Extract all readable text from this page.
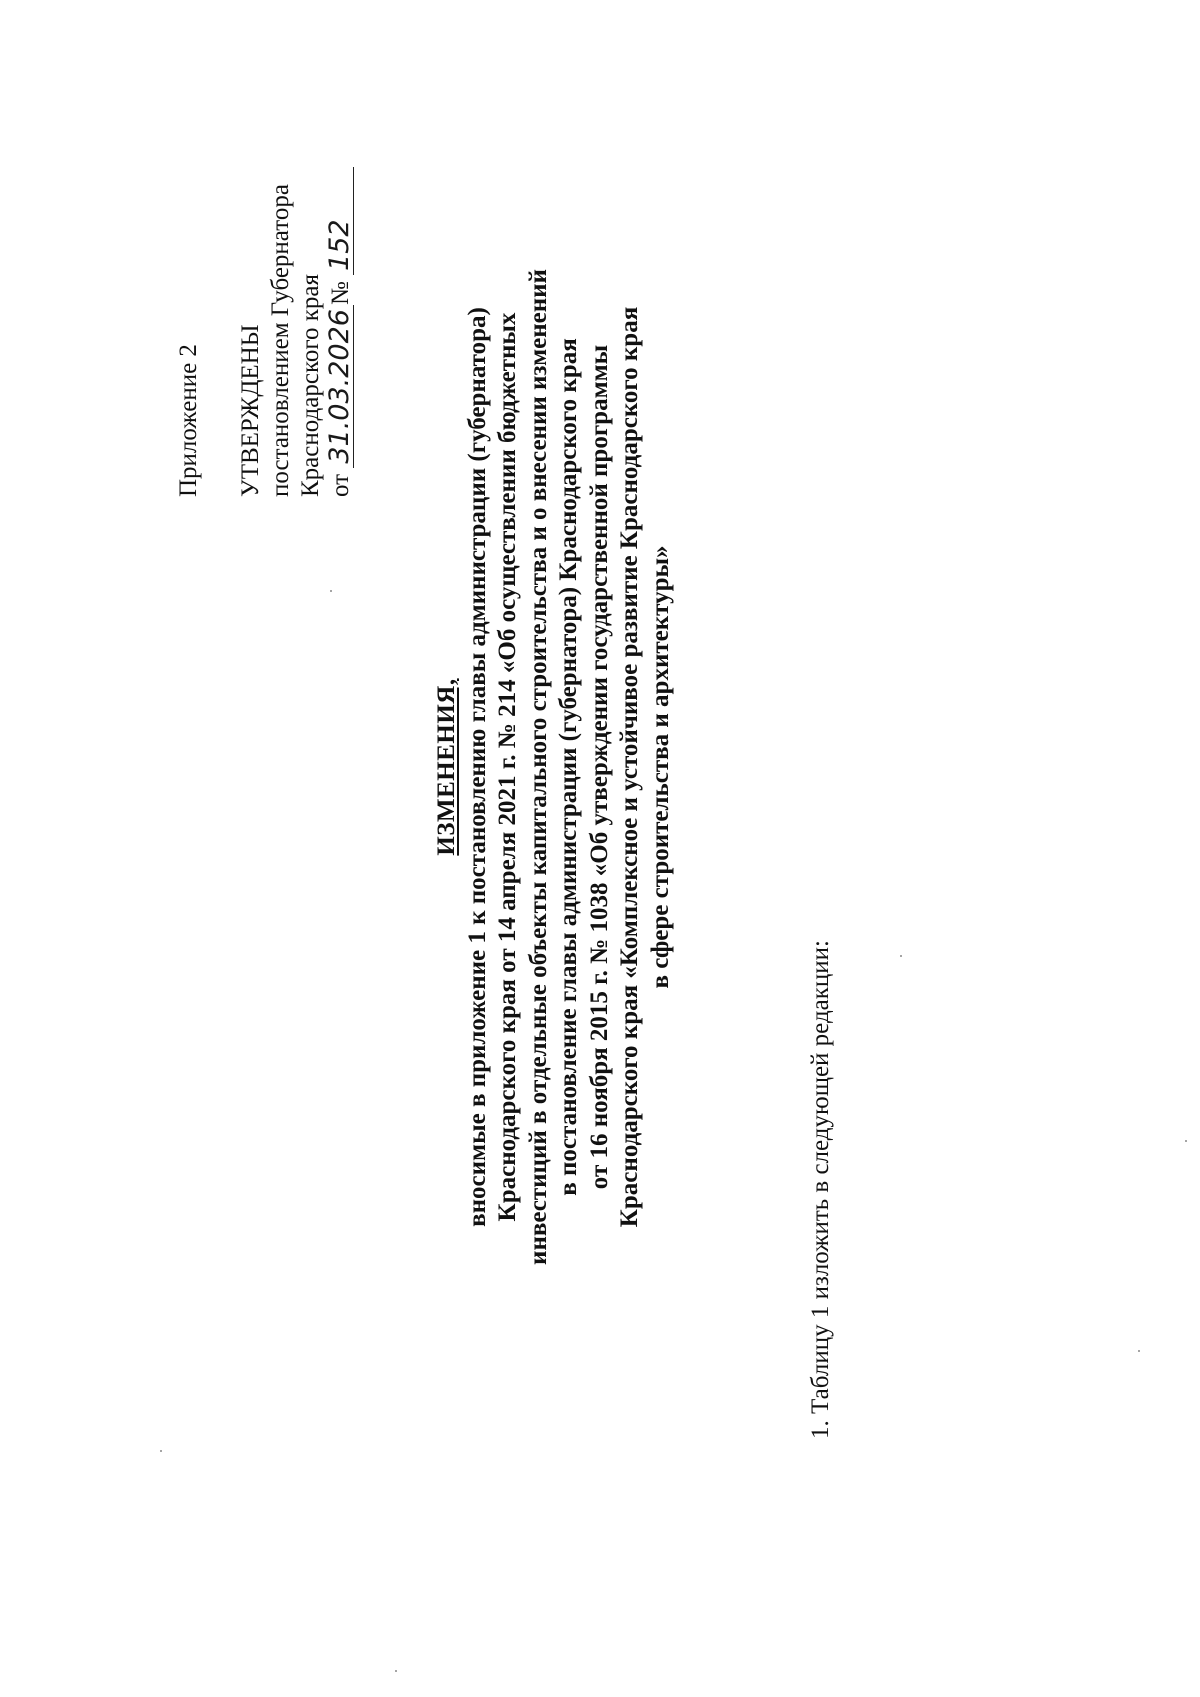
Приложение 2 УТВЕРЖДЕНЫ постановлением Губернатора Краснодарского края от 31.03.2026№ 152
ИЗМЕНЕНИЯ, вносимые в приложение 1 к постановлению главы администрации (губернатора) Краснодарского края от 14 апреля 2021 г. № 214 «Об осуществлении бюджетных инвестиций в отдельные объекты капитального строительства и о внесении изменений в постановление главы администрации (губернатора) Краснодарского края от 16 ноября 2015 г. № 1038 «Об утверждении государственной программы Краснодарского края «Комплексное и устойчивое развитие Краснодарского края в сфере строительства и архитектуры»
1. Таблицу 1 изложить в следующей редакции:
